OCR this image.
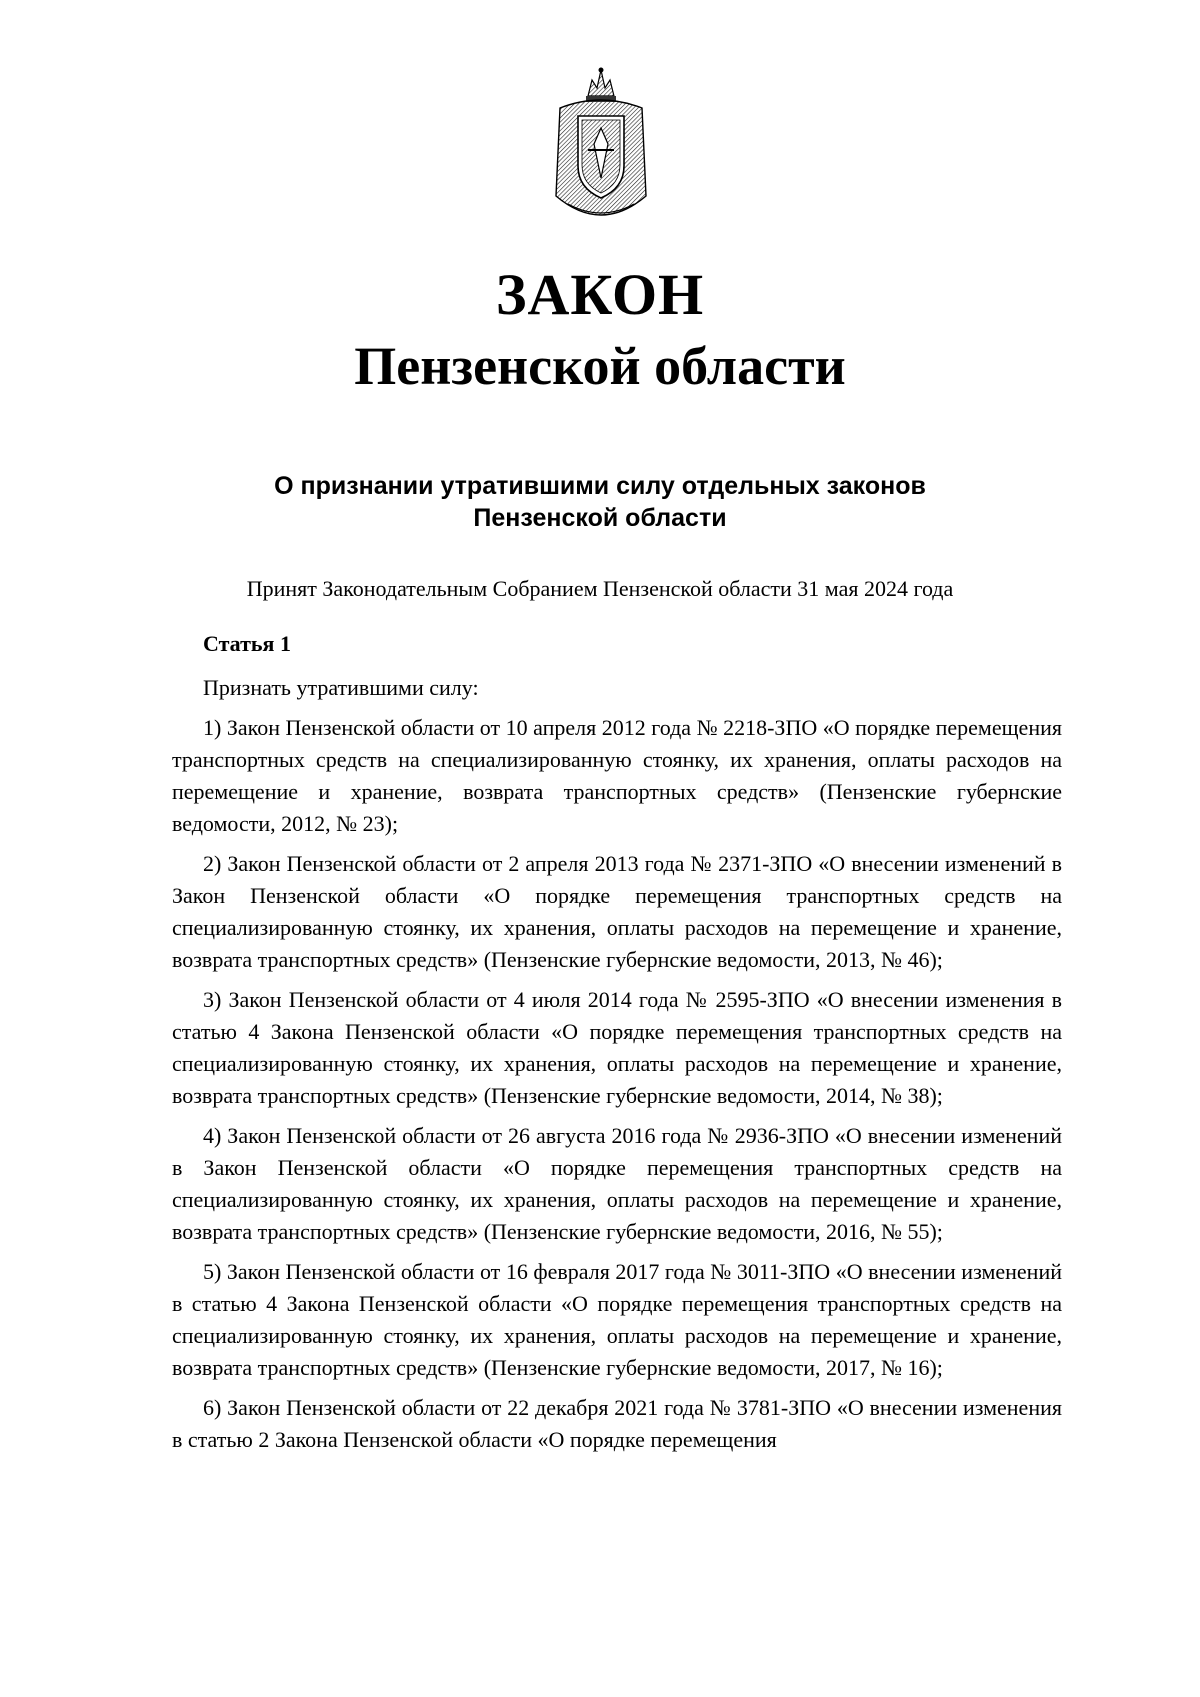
ЗАКОН
Пензенской области
О признании утратившими силу отдельных законов
Пензенской области
Принят Законодательным Собранием Пензенской области 31 мая 2024 года
Статья 1

Признать утратившими силу:

1) Закон Пензенской области от 10 апреля 2012 года № 2218-ЗПО «О порядке перемещения транспортных средств на специализированную стоянку, их хранения, оплаты расходов на перемещение и хранение, возврата транспортных средств» (Пензенские губернские ведомости, 2012, № 23);

2) Закон Пензенской области от 2 апреля 2013 года № 2371-ЗПО «О внесении изменений в Закон Пензенской области «О порядке перемещения транспортных средств на специализированную стоянку, их хранения, оплаты расходов на перемещение и хранение, возврата транспортных средств» (Пензенские губернские ведомости, 2013, № 46);

3) Закон Пензенской области от 4 июля 2014 года № 2595-ЗПО «О внесении изменения в статью 4 Закона Пензенской области «О порядке перемещения транспортных средств на специализированную стоянку, их хранения, оплаты расходов на перемещение и хранение, возврата транспортных средств» (Пензенские губернские ведомости, 2014, № 38);

4) Закон Пензенской области от 26 августа 2016 года № 2936-ЗПО «О внесении изменений в Закон Пензенской области «О порядке перемещения транспортных средств на специализированную стоянку, их хранения, оплаты расходов на перемещение и хранение, возврата транспортных средств» (Пензенские губернские ведомости, 2016, № 55);

5) Закон Пензенской области от 16 февраля 2017 года № 3011-ЗПО «О внесении изменений в статью 4 Закона Пензенской области «О порядке перемещения транспортных средств на специализированную стоянку, их хранения, оплаты расходов на перемещение и хранение, возврата транспортных средств» (Пензенские губернские ведомости, 2017, № 16);

6) Закон Пензенской области от 22 декабря 2021 года № 3781-ЗПО «О внесении изменения в статью 2 Закона Пензенской области «О порядке перемещения
